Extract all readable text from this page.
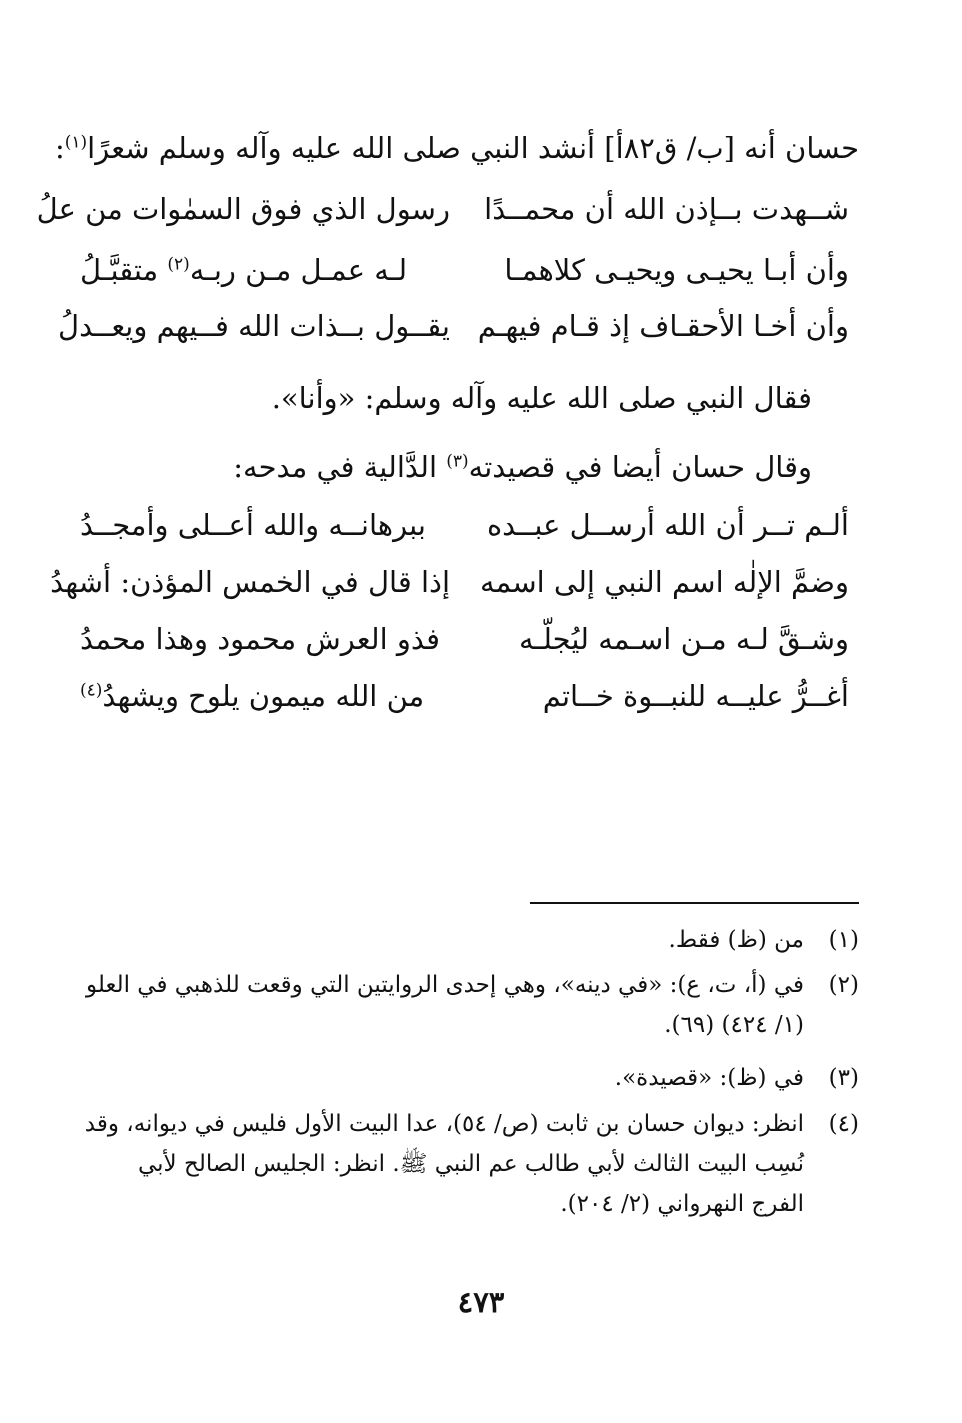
حسان أنه [ب/ ق٨٢أ] أنشد النبي صلى الله عليه وآله وسلم شعرًا$^{(١)}$:
شــهدت بــإذن الله أن محمــدًا
رسول الذي فوق السمٰوات من علُ
وأن أبـا يحيـى ويحيـى كلاهمـا
لـه عمـل مـن ربـه$^{(٢)}$ متقبَّـلُ
وأن أخـا الأحقـاف إذ قـام فيهـم
يقــول بــذات الله فــيهم ويعــدلُ
فقال النبي صلى الله عليه وآله وسلم: «وأنا».
وقال حسان أيضا في قصيدته$^{(٣)}$ الدَّالية في مدحه:
ألـم تــر أن الله أرســل عبــده
ببرهانــه والله أعــلى وأمجــدُ
وضمَّ الإلٰه اسم النبي إلى اسمه
إذا قال في الخمس المؤذن: أشهدُ
وشـقَّ لـه مـن اسـمه ليُجلّـه
فذو العرش محمود وهذا محمدُ
أغــرُّ عليــه للنبــوة خــاتم
من الله ميمون يلوح ويشهدُ$^{(٤)}$
(١)
من (ظ) فقط.
(٢)
في (أ، ت، ع): «في دينه»، وهي إحدى الروايتين التي وقعت للذهبي في العلو (١/ ٤٢٤) (٦٩).
(٣)
في (ظ): «قصيدة».
(٤)
انظر: ديوان حسان بن ثابت (ص/ ٥٤)، عدا البيت الأول فليس في ديوانه، وقد نُسِب البيت الثالث لأبي طالب عم النبي ﷺ. انظر: الجليس الصالح لأبي الفرج النهرواني (٢/ ٢٠٤).
٤٧٣
